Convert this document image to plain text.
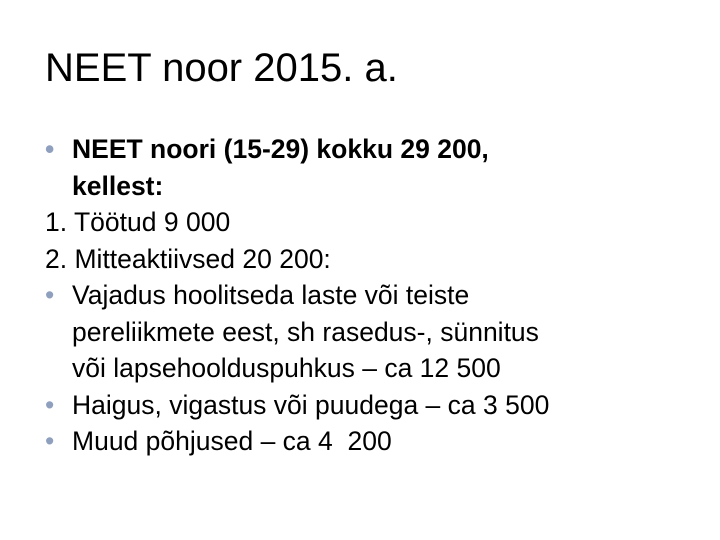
NEET noor 2015. a.
• NEET noori (15-29) kokku 29 200,
kellest:
1. Töötud 9 000
2. Mitteaktiivsed 20 200:
• Vajadus hoolitseda laste või teiste
pereliikmete eest, sh rasedus-, sünnitus
või lapsehoolduspuhkus – ca 12 500
• Haigus, vigastus või puudega – ca 3 500
• Muud põhjused – ca 4  200
